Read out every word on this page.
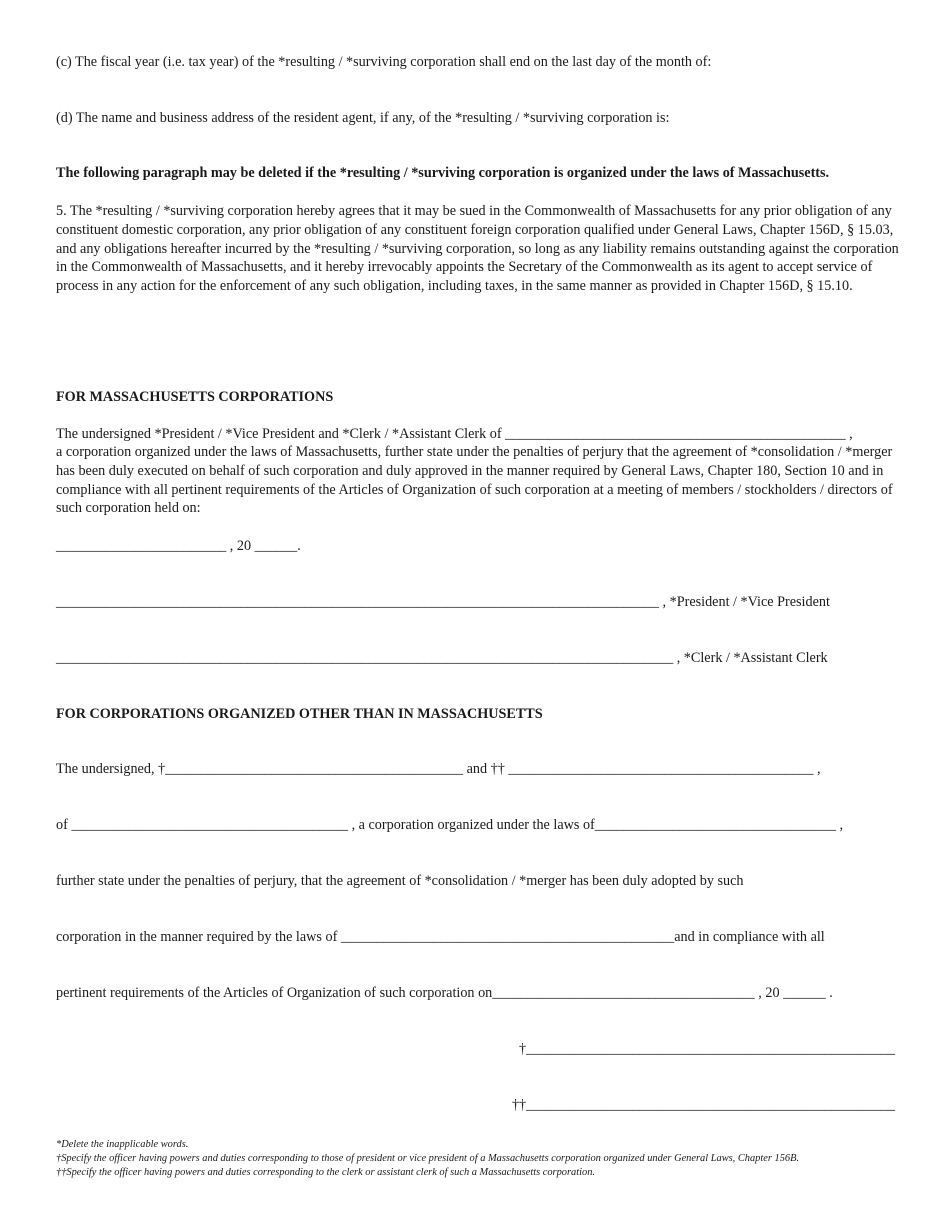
(c) The fiscal year (i.e. tax year) of the *resulting / *surviving corporation shall end on the last day of the month of:
(d) The name and business address of the resident agent, if any, of the *resulting / *surviving corporation is:
The following paragraph may be deleted if the *resulting / *surviving corporation is organized under the laws of Massachusetts.
5. The *resulting / *surviving corporation hereby agrees that it may be sued in the Commonwealth of Massachusetts for any prior obligation of any constituent domestic corporation, any prior obligation of any constituent foreign corporation qualified under General Laws, Chapter 156D, § 15.03, and any obligations hereafter incurred by the *resulting / *surviving corporation, so long as any liability remains outstanding against the corporation in the Commonwealth of Massachusetts, and it hereby irrevocably appoints the Secretary of the Commonwealth as its agent to accept service of process in any action for the enforcement of any such obligation, including taxes, in the same manner as provided in Chapter 156D, § 15.10.
FOR MASSACHUSETTS CORPORATIONS
The undersigned *President / *Vice President and *Clerk / *Assistant Clerk of ________________________________________________ ,
a corporation organized under the laws of Massachusetts, further state under the penalties of perjury that the agreement of *consolidation / *merger has been duly executed on behalf of such corporation and duly approved in the manner required by General Laws, Chapter 180, Section 10 and in compliance with all pertinent requirements of the Articles of Organization of such corporation at a meeting of members / stockholders / directors of such corporation held on:
________________________ , 20 ______.
_____________________________________________________________________________________ , *President / *Vice President
_______________________________________________________________________________________ , *Clerk / *Assistant Clerk
FOR CORPORATIONS ORGANIZED OTHER THAN IN MASSACHUSETTS
The undersigned, †__________________________________________ and †† ___________________________________________ ,
of _______________________________________ , a corporation organized under the laws of__________________________________ ,
further state under the penalties of perjury, that the agreement of *consolidation / *merger has been duly adopted by such
corporation in the manner required by the laws of _______________________________________________and in compliance with all
pertinent requirements of the Articles of Organization of such corporation on_____________________________________ , 20 ______ .
†____________________________________________________
††____________________________________________________
*Delete the inapplicable words.
†Specify the officer having powers and duties corresponding to those of president or vice president of a Massachusetts corporation organized under General Laws, Chapter 156B.
††Specify the officer having powers and duties corresponding to the clerk or assistant clerk of such a Massachusetts corporation.
